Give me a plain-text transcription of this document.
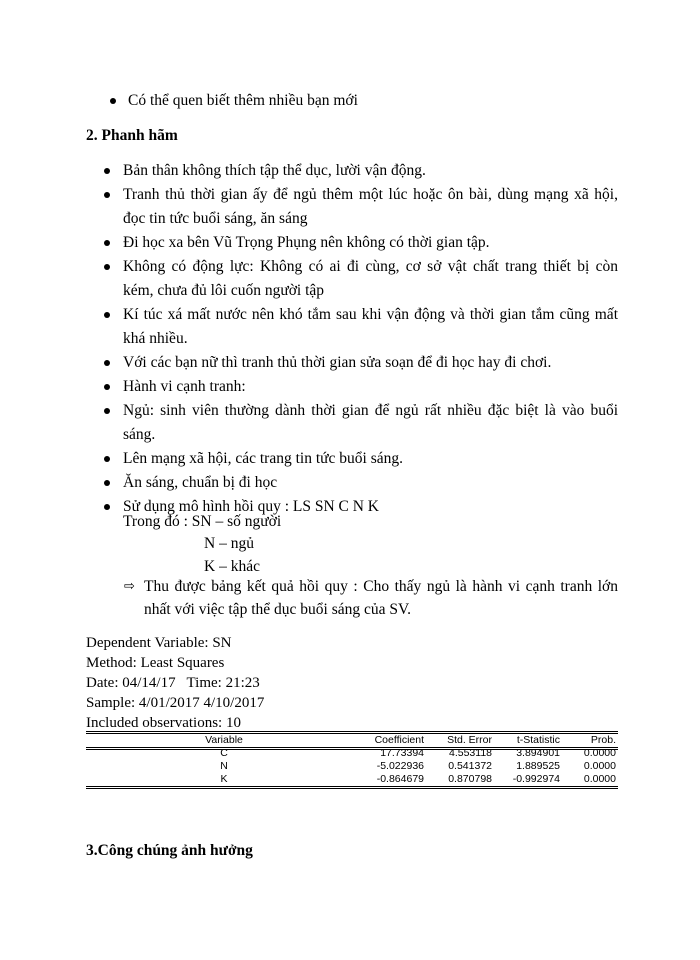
Có thể quen biết thêm nhiều bạn mới
2. Phanh hãm
Bản thân không thích tập thể dục, lười vận động.
Tranh thủ thời gian ấy để ngủ thêm một lúc hoặc ôn bài, dùng mạng xã hội,
đọc tin tức buổi sáng, ăn sáng
Đi học xa bên Vũ Trọng Phụng nên không có thời gian tập.
Không có động lực: Không có ai đi cùng, cơ sở vật chất trang thiết bị còn
kém, chưa đủ lôi cuốn người tập
Kí túc xá mất nước nên khó tắm sau khi vận động và thời gian tắm cũng mất
khá nhiều.
Với các bạn nữ thì tranh thủ thời gian sửa soạn để đi học hay đi chơi.
Hành vi cạnh tranh:
Ngủ: sinh viên thường dành thời gian để ngủ rất nhiều đặc biệt là vào buổi
sáng.
Lên mạng xã hội, các trang tin tức buổi sáng.
Ăn sáng, chuẩn bị đi học
Sử dụng mô hình hồi quy : LS SN C N K
Trong đó : SN – số người
N – ngủ
K – khác
⇨ Thu được bảng kết quả hồi quy : Cho thấy ngủ là hành vi cạnh tranh lớn
nhất với việc tập thể dục buổi sáng của SV.
Dependent Variable: SN
Method: Least Squares
Date: 04/14/17   Time: 21:23
Sample: 4/01/2017 4/10/2017
Included observations: 10
Variable	Coefficient Std. Error t-Statistic	Prob.
C	17.73394 4.553118 3.894901 0.0000
N	-5.022936 0.541372 1.889525 0.0000
K	-0.864679 0.870798 -0.992974 0.0000
3.Công chúng ảnh hưởng
